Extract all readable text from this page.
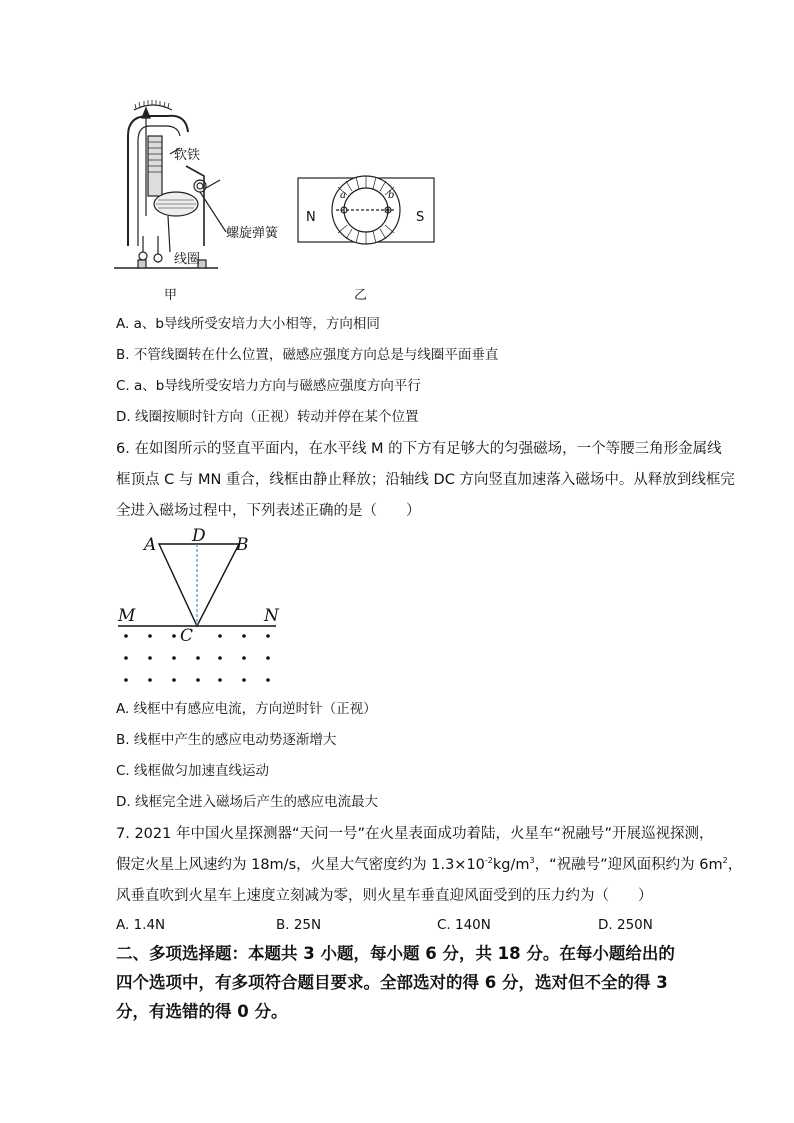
软铁
螺旋弹簧
线圈
甲
N	S
a	b
乙
A. a、b导线所受安培力大小相等，方向相同
B. 不管线圈转在什么位置，磁感应强度方向总是与线圈平面垂直
C. a、b导线所受安培力方向与磁感应强度方向平行
D. 线圈按顺时针方向（正视）转动并停在某个位置
6. 在如图所示的竖直平面内，在水平线 M 的下方有足够大的匀强磁场，一个等腰三角形金属线
框顶点 C 与 MN 重合，线框由静止释放；沿轴线 DC 方向竖直加速落入磁场中。从释放到线框完
全进入磁场过程中，下列表述正确的是（　　）
A D B
M	N
C
A. 线框中有感应电流，方向逆时针（正视）
B. 线框中产生的感应电动势逐渐增大
C. 线框做匀加速直线运动
D. 线框完全进入磁场后产生的感应电流最大
7. 2021 年中国火星探测器“天问一号”在火星表面成功着陆，火星车“祝融号”开展巡视探测，
假定火星上风速约为 18m/s，火星大气密度约为 $1.3\times 10^{-2}kg/m^3$，“祝融号”迎风面积约为 $6m^2$，
风垂直吹到火星车上速度立刻减为零，则火星车垂直迎风面受到的压力约为（　　）
A. 1.4N	B. 25N	C. 140N	D. 250N
二、多项选择题：本题共 3 小题，每小题 6 分，共 18 分。在每小题给出的四个选项中，有多项符合题目要求。全部选对的得 6 分，选对但不全的得 3 分，有选错的得 0 分。
